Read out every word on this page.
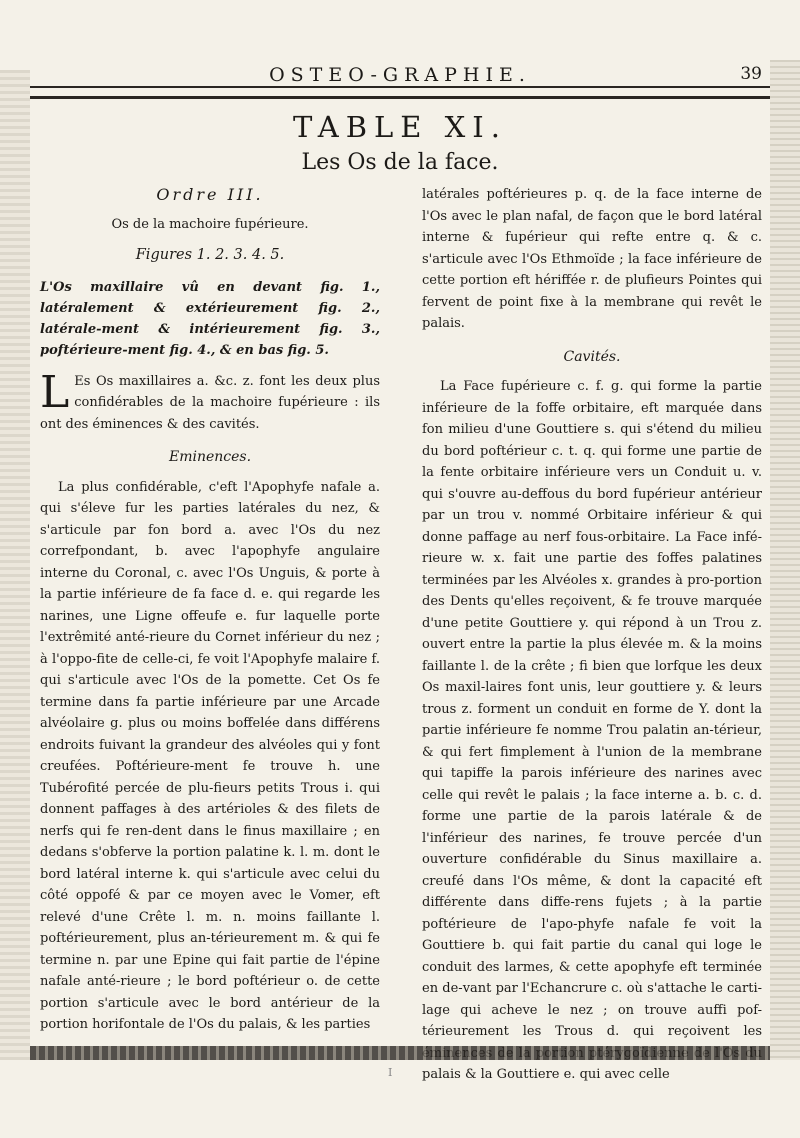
OSTEO-GRAPHIE.	39
TABLE XI.
Les Os de la face.

Ordre III.

Os de la machoire fupérieure.

Figures 1. 2. 3. 4. 5.

L'Os maxillaire vû en devant fig. 1., latéralement & extérieurement fig. 2., latérale-ment & intérieurement fig. 3., poftérieure-ment fig. 4., & en bas fig. 5.

L Es Os maxillaires a. &c. z. font les deux plus confidérables de la machoire fupérieure : ils ont des éminences & des cavités.

Eminences.

La plus confidérable, c'eft l'Apophyfe nafale a. qui s'éleve fur les parties latérales du nez, & s'articule par fon bord a. avec l'Os du nez correfpondant, b. avec l'apophyfe angulaire interne du Coronal, c. avec l'Os Unguis, & porte à la partie inférieure de fa face d. e. qui regarde les narines, une Ligne offeufe e. fur laquelle porte l'extrêmité anté-rieure du Cornet inférieur du nez ; à l'oppo-fite de celle-ci, fe voit l'Apophyfe malaire f. qui s'articule avec l'Os de la pomette. Cet Os fe termine dans fa partie inférieure par une Arcade alvéolaire g. plus ou moins boffelée dans différens endroits fuivant la grandeur des alvéoles qui y font creufées. Poftérieure-ment fe trouve h. une Tubérofité percée de plu-fieurs petits Trous i. qui donnent paffages à des artérioles & des filets de nerfs qui fe ren-dent dans le finus maxillaire ; en dedans s'obferve la portion palatine k. l. m. dont le bord latéral interne k. qui s'articule avec celui du côté oppofé & par ce moyen avec le Vomer, eft relevé d'une Crête l. m. n. moins faillante l. poftérieurement, plus an-térieurement m. & qui fe termine n. par une Epine qui fait partie de l'épine nafale anté-rieure ; le bord poftérieur o. de cette portion s'articule avec le bord antérieur de la portion horifontale de l'Os du palais, & les parties

latérales poftérieures p. q. de la face interne de l'Os avec le plan nafal, de façon que le bord latéral interne & fupérieur qui refte entre q. & c. s'articule avec l'Os Ethmoïde ; la face inférieure de cette portion eft hériffée r. de plufieurs Pointes qui fervent de point fixe à la membrane qui revêt le palais.

Cavités.

La Face fupérieure c. f. g. qui forme la partie inférieure de la foffe orbitaire, eft marquée dans fon milieu d'une Gouttiere s. qui s'étend du milieu du bord poftérieur c. t. q. qui forme une partie de la fente orbitaire inférieure vers un Conduit u. v. qui s'ouvre au-deffous du bord fupérieur antérieur par un trou v. nommé Orbitaire inférieur & qui donne paffage au nerf fous-orbitaire. La Face infé-rieure w. x. fait une partie des foffes palatines terminées par les Alvéoles x. grandes à pro-portion des Dents qu'elles reçoivent, & fe trouve marquée d'une petite Gouttiere y. qui répond à un Trou z. ouvert entre la partie la plus élevée m. & la moins faillante l. de la crête ; fi bien que lorfque les deux Os maxil-laires font unis, leur gouttiere y. & leurs trous z. forment un conduit en forme de Y. dont la partie inférieure fe nomme Trou palatin an-térieur, & qui fert fimplement à l'union de la membrane qui tapiffe la parois inférieure des narines avec celle qui revêt le palais ; la face interne a. b. c. d. forme une partie de la parois latérale & de l'inférieur des narines, fe trouve percée d'un ouverture confidérable du Sinus maxillaire a. creufé dans l'Os même, & dont la capacité eft différente dans diffe-rens fujets ; à la partie poftérieure de l'apo-phyfe nafale fe voit la Gouttiere b. qui fait partie du canal qui loge le conduit des larmes, & cette apophyfe eft terminée en de-vant par l'Echancrure c. où s'attache le carti-lage qui acheve le nez ; on trouve auffi pof-térieurement les Trous d. qui reçoivent les palais & la Gouttiere e. qui avec celle

I
